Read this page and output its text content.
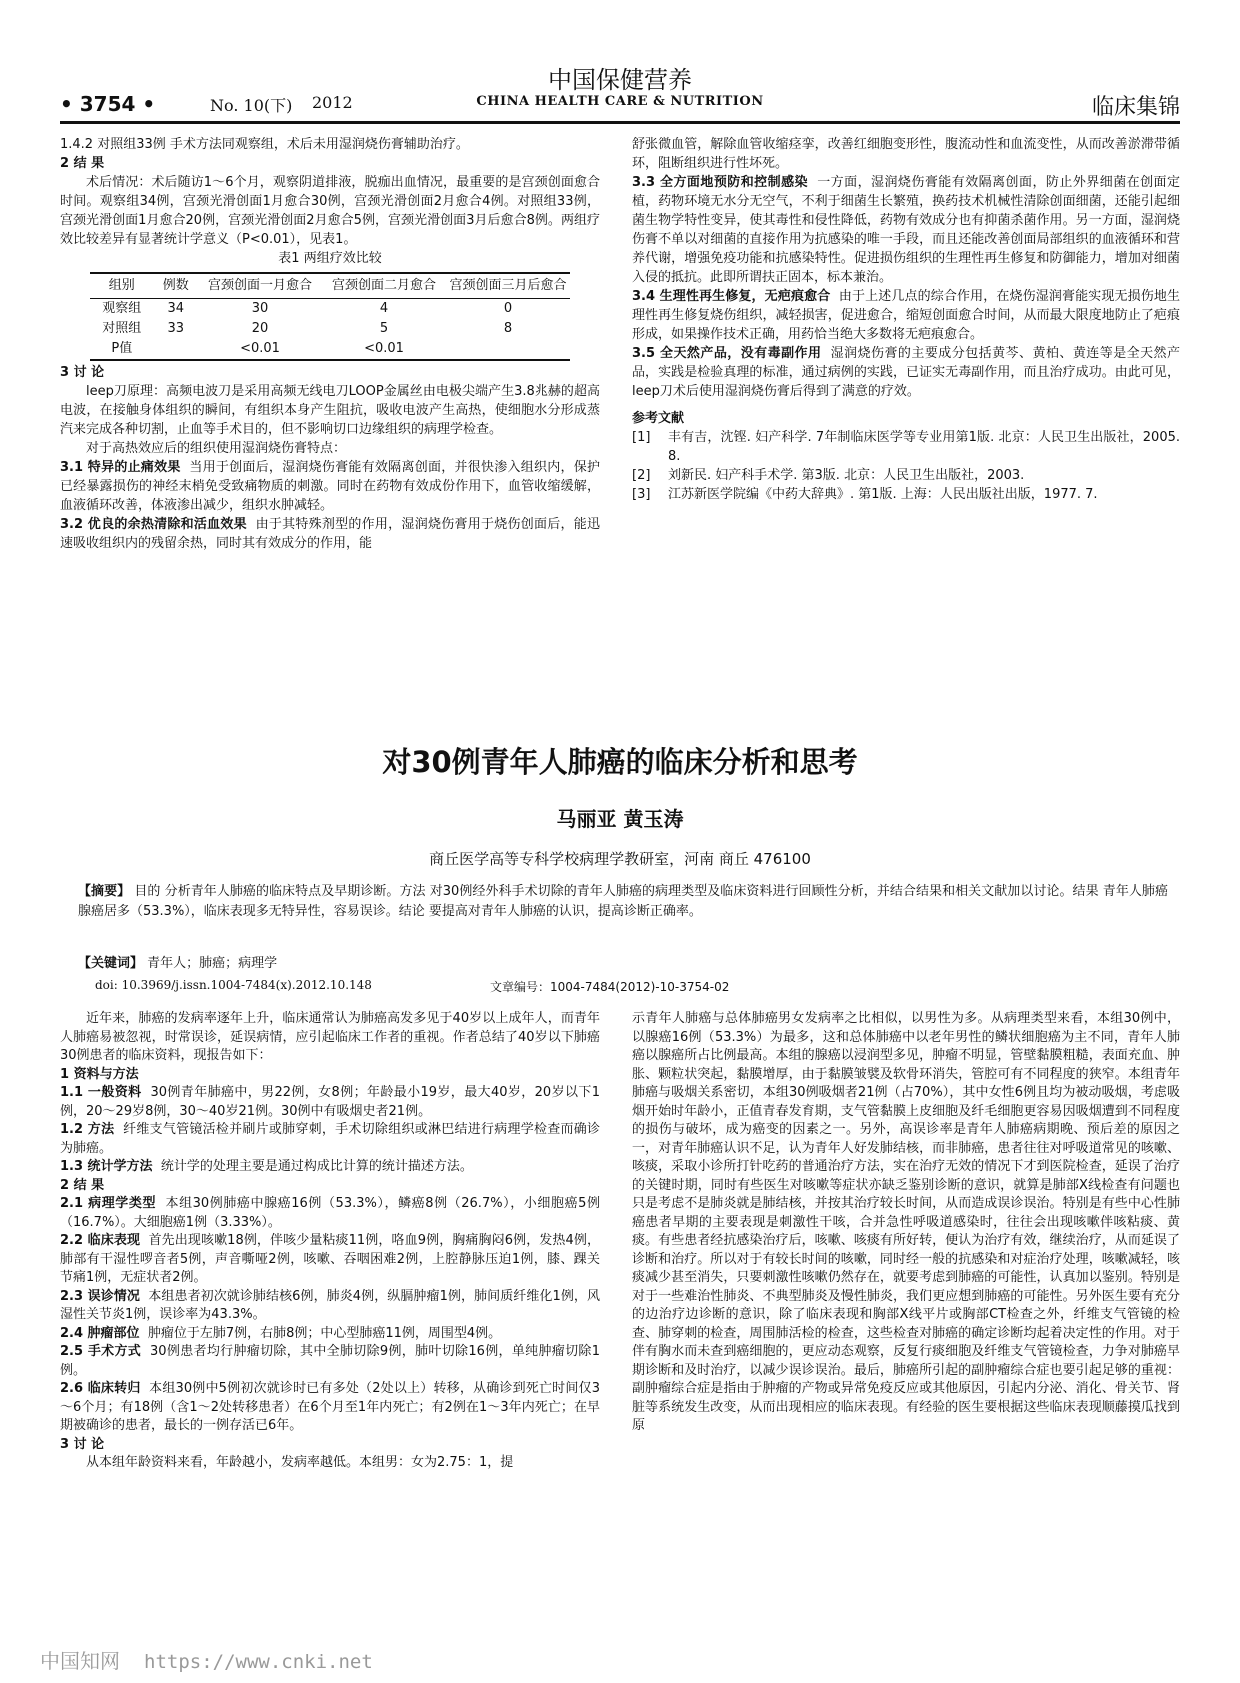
• 3754 •	No. 10(下) 2012
中国保健营养
CHINA HEALTH CARE & NUTRITION	临床集锦

1.4.2 对照组33例 手术方法同观察组，术后未用湿润烧伤膏辅助治疗。

2 结 果

术后情况：术后随访1～6个月，观察阴道排液，脱痂出血情况，最重要的是宫颈创面愈合时间。观察组34例，宫颈光滑创面1月愈合30例，宫颈光滑创面2月愈合4例。对照组33例，宫颈光滑创面1月愈合20例，宫颈光滑创面2月愈合5例，宫颈光滑创面3月后愈合8例。两组疗效比较差异有显著统计学意义（P<0.01），见表1。

表1 两组疗效比较

组别	例数	宫颈创面一月愈合	宫颈创面二月愈合	宫颈创面三月后愈合
观察组	34	30	4	0
对照组	33	20	5	8
P值		<0.01	<0.01	

3 讨 论

leep刀原理：高频电波刀是采用高频无线电刀LOOP金属丝由电极尖端产生3.8兆赫的超高电波，在接触身体组织的瞬间，有组织本身产生阻抗，吸收电波产生高热，使细胞水分形成蒸汽来完成各种切割，止血等手术目的，但不影响切口边缘组织的病理学检查。

对于高热效应后的组织使用湿润烧伤膏特点：

3.1 特异的止痛效果 当用于创面后，湿润烧伤膏能有效隔离创面，并很快渗入组织内，保护已经暴露损伤的神经末梢免受致痛物质的刺激。同时在药物有效成份作用下，血管收缩缓解，血液循环改善，体液渗出减少，组织水肿减轻。

3.2 优良的余热清除和活血效果 由于其特殊剂型的作用，湿润烧伤膏用于烧伤创面后，能迅速吸收组织内的残留余热，同时其有效成分的作用，能

舒张微血管，解除血管收缩痉挛，改善红细胞变形性，腹流动性和血流变性，从而改善淤滞带循环，阻断组织进行性坏死。

3.3 全方面地预防和控制感染 一方面，湿润烧伤膏能有效隔离创面，防止外界细菌在创面定植，药物环境无水分无空气，不利于细菌生长繁殖，换药技术机械性清除创面细菌，还能引起细菌生物学特性变异，使其毒性和侵性降低，药物有效成分也有抑菌杀菌作用。另一方面，湿润烧伤膏不单以对细菌的直接作用为抗感染的唯一手段，而且还能改善创面局部组织的血液循环和营养代谢，增强免疫功能和抗感染特性。促进损伤组织的生理性再生修复和防御能力，增加对细菌入侵的抵抗。此即所谓扶正固本，标本兼治。

3.4 生理性再生修复，无疤痕愈合 由于上述几点的综合作用，在烧伤湿润膏能实现无损伤地生理性再生修复烧伤组织，减轻损害，促进愈合，缩短创面愈合时间，从而最大限度地防止了疤痕形成，如果操作技术正确，用药恰当绝大多数将无疤痕愈合。

3.5 全天然产品，没有毒副作用 湿润烧伤膏的主要成分包括黄芩、黄柏、黄连等是全天然产品，实践是检验真理的标准，通过病例的实践，已证实无毒副作用，而且治疗成功。由此可见，leep刀术后使用湿润烧伤膏后得到了满意的疗效。

参考文献

[1]	丰有吉，沈铿. 妇产科学. 7年制临床医学等专业用第1版. 北京：人民卫生出版社，2005. 8.
[2]	刘新民. 妇产科手术学. 第3版. 北京：人民卫生出版社，2003.
[3]	江苏新医学院编《中药大辞典》. 第1版. 上海：人民出版社出版，1977. 7.
对30例青年人肺癌的临床分析和思考
马丽亚 黄玉涛
商丘医学高等专科学校病理学教研室，河南 商丘 476100
【摘要】 目的 分析青年人肺癌的临床特点及早期诊断。方法 对30例经外科手术切除的青年人肺癌的病理类型及临床资料进行回顾性分析，并结合结果和相关文献加以讨论。结果 青年人肺癌腺癌居多（53.3%），临床表现多无特异性，容易误诊。结论 要提高对青年人肺癌的认识，提高诊断正确率。
【关键词】 青年人；肺癌；病理学
doi: 10.3969/j.issn.1004-7484(x).2012.10.148	文章编号：1004-7484(2012)-10-3754-02

近年来，肺癌的发病率逐年上升，临床通常认为肺癌高发多见于40岁以上成年人，而青年人肺癌易被忽视，时常误诊，延误病情，应引起临床工作者的重视。作者总结了40岁以下肺癌30例患者的临床资料，现报告如下：

1 资料与方法

1.1 一般资料 30例青年肺癌中，男22例，女8例；年龄最小19岁，最大40岁，20岁以下1例，20～29岁8例，30～40岁21例。30例中有吸烟史者21例。

1.2 方法 纤维支气管镜活检并刷片或肺穿刺，手术切除组织或淋巴结进行病理学检查而确诊为肺癌。

1.3 统计学方法 统计学的处理主要是通过构成比计算的统计描述方法。

2 结 果

2.1 病理学类型 本组30例肺癌中腺癌16例（53.3%），鳞癌8例（26.7%），小细胞癌5例（16.7%）。大细胞癌1例（3.33%）。

2.2 临床表现 首先出现咳嗽18例，伴咳少量粘痰11例，咯血9例，胸痛胸闷6例，发热4例，肺部有干湿性啰音者5例，声音嘶哑2例，咳嗽、吞咽困难2例，上腔静脉压迫1例，膝、踝关节痛1例，无症状者2例。

2.3 误诊情况 本组患者初次就诊肺结核6例，肺炎4例，纵膈肿瘤1例，肺间质纤维化1例，风湿性关节炎1例，误诊率为43.3%。

2.4 肿瘤部位 肿瘤位于左肺7例，右肺8例；中心型肺癌11例，周围型4例。

2.5 手术方式 30例患者均行肿瘤切除，其中全肺切除9例，肺叶切除16例，单纯肿瘤切除1例。

2.6 临床转归 本组30例中5例初次就诊时已有多处（2处以上）转移，从确诊到死亡时间仅3～6个月；有18例（含1～2处转移患者）在6个月至1年内死亡；有2例在1～3年内死亡；在早期被确诊的患者，最长的一例存活已6年。

3 讨 论

从本组年龄资料来看，年龄越小，发病率越低。本组男：女为2.75：1，提

示青年人肺癌与总体肺癌男女发病率之比相似，以男性为多。从病理类型来看，本组30例中，以腺癌16例（53.3%）为最多，这和总体肺癌中以老年男性的鳞状细胞癌为主不同，青年人肺癌以腺癌所占比例最高。本组的腺癌以浸润型多见，肿瘤不明显，管壁黏膜粗糙，表面充血、肿胀、颗粒状突起，黏膜增厚，由于黏膜皱襞及软骨环消失，管腔可有不同程度的狭窄。本组青年肺癌与吸烟关系密切，本组30例吸烟者21例（占70%），其中女性6例且均为被动吸烟，考虑吸烟开始时年龄小，正值青春发育期，支气管黏膜上皮细胞及纤毛细胞更容易因吸烟遭到不同程度的损伤与破坏，成为癌变的因素之一。另外，高误诊率是青年人肺癌病期晚、预后差的原因之一，对青年肺癌认识不足，认为青年人好发肺结核，而非肺癌，患者往往对呼吸道常见的咳嗽、咳痰，采取小诊所打针吃药的普通治疗方法，实在治疗无效的情况下才到医院检查，延误了治疗的关键时期，同时有些医生对咳嗽等症状亦缺乏鉴别诊断的意识，就算是肺部X线检查有问题也只是考虑不是肺炎就是肺结核，并按其治疗较长时间，从而造成误诊误治。特别是有些中心性肺癌患者早期的主要表现是刺激性干咳，合并急性呼吸道感染时，往往会出现咳嗽伴咳粘痰、黄痰。有些患者经抗感染治疗后，咳嗽、咳痰有所好转，便认为治疗有效，继续治疗，从而延误了诊断和治疗。所以对于有较长时间的咳嗽，同时经一般的抗感染和对症治疗处理，咳嗽减轻，咳痰减少甚至消失，只要刺激性咳嗽仍然存在，就要考虑到肺癌的可能性，认真加以鉴别。特别是对于一些难治性肺炎、不典型肺炎及慢性肺炎，我们更应想到肺癌的可能性。另外医生要有充分的边治疗边诊断的意识，除了临床表现和胸部X线平片或胸部CT检查之外，纤维支气管镜的检查、肺穿刺的检查，周围肺活检的检查，这些检查对肺癌的确定诊断均起着决定性的作用。对于伴有胸水而未查到癌细胞的，更应动态观察，反复行痰细胞及纤维支气管镜检查，力争对肺癌早期诊断和及时治疗，以减少误诊误治。最后，肺癌所引起的副肿瘤综合症也要引起足够的重视：副肿瘤综合症是指由于肿瘤的产物或异常免疫反应或其他原因，引起内分泌、消化、骨关节、肾脏等系统发生改变，从而出现相应的临床表现。有经验的医生要根据这些临床表现顺藤摸瓜找到原

中国知网 https://www.cnki.net
